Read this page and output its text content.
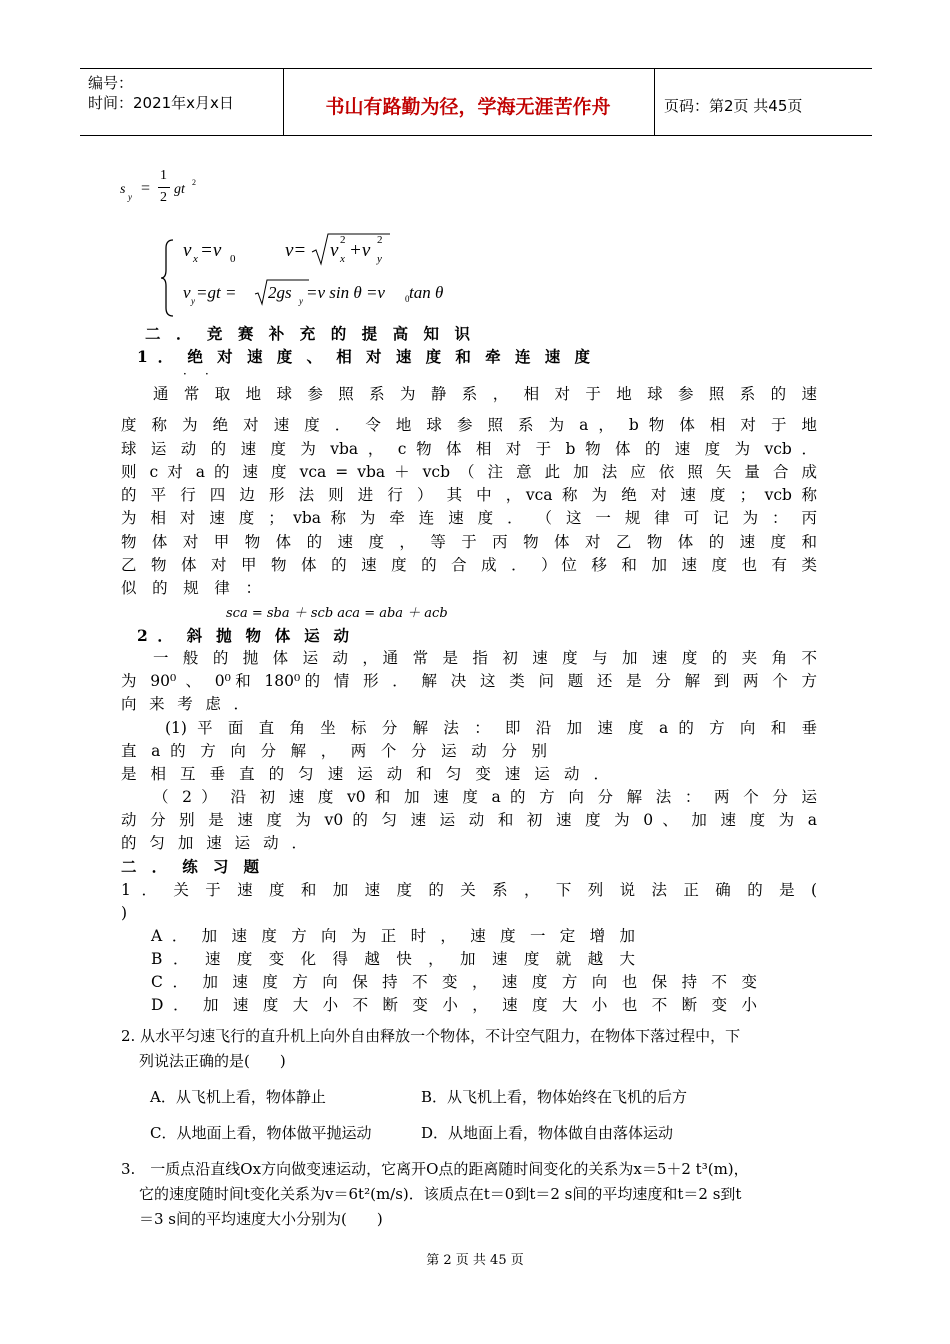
编号：
时间：2021年x月x日	书山有路勤为径，学海无涯苦作舟	页码：第2页 共45页
s y =
1
2
gt 2
v x =v 0	v= v 2
x +v 2
y
v y =gt = 2gs y =v sin θ =v 0 tan θ
二 ． 竞 赛 补 充 的 提 高 知 识
1 ． 绝 对 速 度 、 相 对 速 度 和 牵 连 速 度
． ．
通 常 取 地 球 参 照 系 为 静 系 ， 相 对 于 地 球 参 照 系 的 速
度 称 为 绝 对 速 度 ． 令 地 球 参 照 系 为 a ， b 物 体 相 对 于 地
球 运 动 的 速 度 为 vba ， c 物 体 相 对 于 b 物 体 的 速 度 为 vcb ．
则 c 对 a 的 速 度 vca = vba ＋ vcb （ 注 意 此 加 法 应 依 照 矢 量 合 成
的 平 行 四 边 形 法 则 进 行 ） 其 中 ，vca 称 为 绝 对 速 度 ； vcb 称
为 相 对 速 度 ； vba 称 为 牵 连 速 度 ． （ 这 一 规 律 可 记 为 ： 丙
物 体 对 甲 物 体 的 速 度 ， 等 于 丙 物 体 对 乙 物 体 的 速 度 和
乙 物 体 对 甲 物 体 的 速 度 的 合 成 ． ）位 移 和 加 速 度 也 有 类
似 的 规 律 ：
sca = sba ＋ scb aca = aba ＋ acb
2 ． 斜 抛 物 体 运 动
一 般 的 抛 体 运 动 ，通 常 是 指 初 速 度 与 加 速 度 的 夹 角 不
为 90⁰ 、 0⁰和 180⁰的 情 形 ． 解 决 这 类 问 题 还 是 分 解 到 两 个 方
向 来 考 虑 ．
(1) 平 面 直 角 坐 标 分 解 法 ： 即 沿 加 速 度 a 的 方 向 和 垂
直 a 的 方 向 分 解 ， 两 个 分 运 动 分 别
是 相 互 垂 直 的 匀 速 运 动 和 匀 变 速 运 动 ．
（ 2 ） 沿 初 速 度 v0 和 加 速 度 a 的 方 向 分 解 法 ： 两 个 分 运
动 分 别 是 速 度 为 v0 的 匀 速 运 动 和 初 速 度 为 0 、 加 速 度 为 a
的 匀 加 速 运 动 ．
二 ． 练 习 题
1 ． 关 于 速 度 和 加 速 度 的 关 系 ， 下 列 说 法 正 确 的 是 (
)
A ． 加 速 度 方 向 为 正 时 ， 速 度 一 定 增 加
B ． 速 度 变 化 得 越 快 ， 加 速 度 就 越 大
C ． 加 速 度 方 向 保 持 不 变 ， 速 度 方 向 也 保 持 不 变
D ． 加 速 度 大 小 不 断 变 小 ， 速 度 大 小 也 不 断 变 小
2. 从水平匀速飞行的直升机上向外自由释放一个物体，不计空气阻力，在物体下落过程中，下
列说法正确的是(　　)
A．从飞机上看，物体静止	B．从飞机上看，物体始终在飞机的后方
C．从地面上看，物体做平抛运动	D．从地面上看，物体做自由落体运动
3.　一质点沿直线Ox方向做变速运动，它离开O点的距离随时间变化的关系为x＝5＋2 t³(m)，
它的速度随时间t变化关系为v＝6t²(m/s)．该质点在t＝0到t＝2 s间的平均速度和t＝2 s到t
＝3 s间的平均速度大小分别为(　　)
第 2 页 共 45 页
